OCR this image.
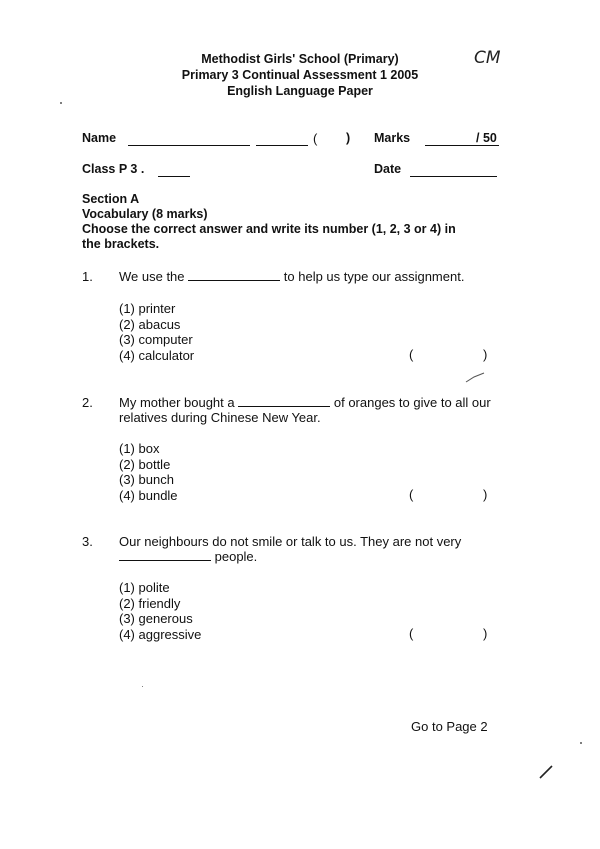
Methodist Girls' School (Primary)
Primary 3 Continual Assessment 1 2005
English Language Paper
CM
Name	( ) Marks	/ 50
Class P 3 .	Date
Section A
Vocabulary (8 marks)
Choose the correct answer and write its number (1, 2, 3 or 4) in
the brackets.
1. We use the	to help us type our assignment.
(1) printer
(2) abacus
(3) computer
(4) calculator	(	)
2. My mother bought a	of oranges to give to all our
relatives during Chinese New Year.
(1) box
(2) bottle
(3) bunch
(4) bundle	(	)
3. Our neighbours do not smile or talk to us. They are not very
people.
(1) polite
(2) friendly
(3) generous
(4) aggressive	(	)
Go to Page 2
